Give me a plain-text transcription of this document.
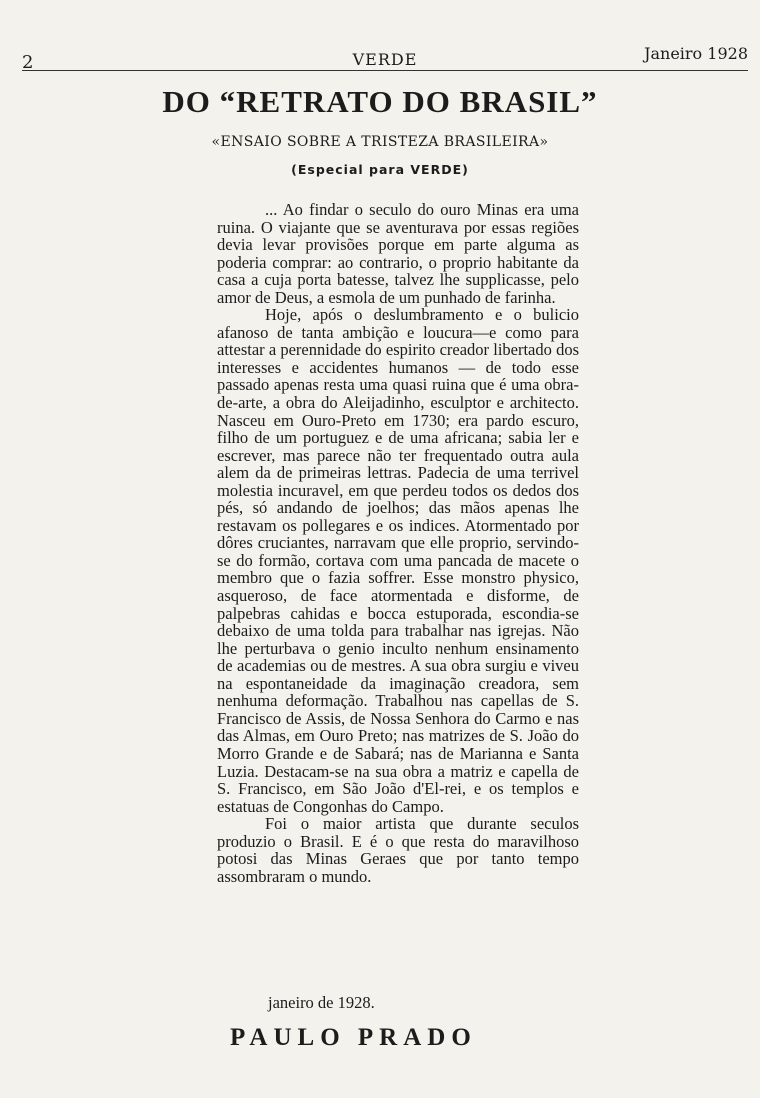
2	VERDE	Janeiro 1928
DO “RETRATO DO BRASIL”
«ENSAIO SOBRE A TRISTEZA BRASILEIRA»
(Especial para VERDE)

... Ao findar o seculo do ouro Minas era uma ruina. O viajante que se aventurava por essas regiões devia levar provisões porque em parte alguma as poderia comprar: ao contrario, o proprio habitante da casa a cuja porta batesse, talvez lhe supplicasse, pelo amor de Deus, a esmola de um punhado de farinha.

Hoje, após o deslumbramento e o bulicio afanoso de tanta ambição e loucura—e como para attestar a perennidade do espirito creador libertado dos interesses e accidentes humanos — de todo esse passado apenas resta uma quasi ruina que é uma obra-de-arte, a obra do Aleijadinho, esculptor e architecto. Nasceu em Ouro-Preto em 1730; era pardo escuro, filho de um portuguez e de uma africana; sabia ler e escrever, mas parece não ter frequentado outra aula alem da de primeiras lettras. Padecia de uma terrivel molestia incuravel, em que perdeu todos os dedos dos pés, só andando de joelhos; das mãos apenas lhe restavam os pollegares e os indices. Atormentado por dôres cruciantes, narravam que elle proprio, servindo-se do formão, cortava com uma pancada de macete o membro que o fazia soffrer. Esse monstro physico, asqueroso, de face atormentada e disforme, de palpebras cahidas e bocca estuporada, escondia-se debaixo de uma tolda para trabalhar nas igrejas. Não lhe perturbava o genio inculto nenhum ensinamento de academias ou de mestres. A sua obra surgiu e viveu na espontaneidade da imaginação creadora, sem nenhuma deformação. Trabalhou nas capellas de S. Francisco de Assis, de Nossa Senhora do Carmo e nas das Almas, em Ouro Preto; nas matrizes de S. João do Morro Grande e de Sabará; nas de Marianna e Santa Luzia. Destacam-se na sua obra a matriz e capella de S. Francisco, em São João d'El-rei, e os templos e estatuas de Congonhas do Campo.

Foi o maior artista que durante seculos produzio o Brasil. E é o que resta do maravilhoso potosi das Minas Geraes que por tanto tempo assombraram o mundo.

janeiro de 1928.
PAULO PRADO
